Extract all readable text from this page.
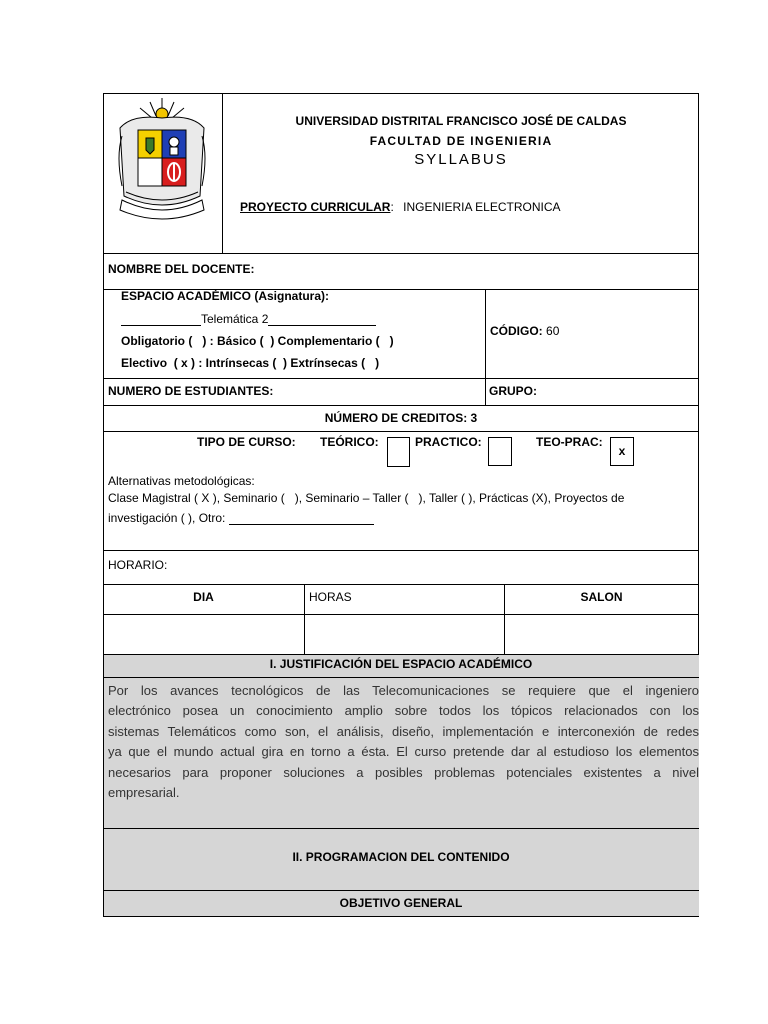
UNIVERSIDAD DISTRITAL FRANCISCO JOSÉ DE CALDAS
FACULTAD DE INGENIERIA
SYLLABUS
PROYECTO CURRICULAR: INGENIERIA ELECTRONICA
NOMBRE DEL DOCENTE:
ESPACIO ACADÉMICO (Asignatura):
Telemática 2
Obligatorio (   ) : Básico (  ) Complementario (   )
Electivo  ( x ) : Intrínsecas (  ) Extrínsecas (   )
CÓDIGO: 60
NUMERO DE ESTUDIANTES:	GRUPO:
NÚMERO DE CREDITOS: 3
TIPO DE CURSO: TEÓRICO:	PRACTICO:	TEO-PRAC:
x
Alternativas metodológicas:
Clase Magistral ( X ), Seminario (   ), Seminario – Taller (   ), Taller ( ), Prácticas (X), Proyectos de
investigación ( ), Otro:
HORARIO:
DIA	HORAS	SALON
I. JUSTIFICACIÓN DEL ESPACIO ACADÉMICO
Por los avances tecnológicos de las Telecomunicaciones se requiere que el ingeniero
electrónico posea un conocimiento amplio sobre todos los tópicos relacionados con los
sistemas Telemáticos como son, el análisis, diseño, implementación e interconexión de redes
ya que el mundo actual gira en torno a ésta. El curso pretende dar al estudioso los elementos
necesarios para proponer soluciones a posibles problemas potenciales existentes a nivel
empresarial.
II. PROGRAMACION DEL CONTENIDO
OBJETIVO GENERAL
